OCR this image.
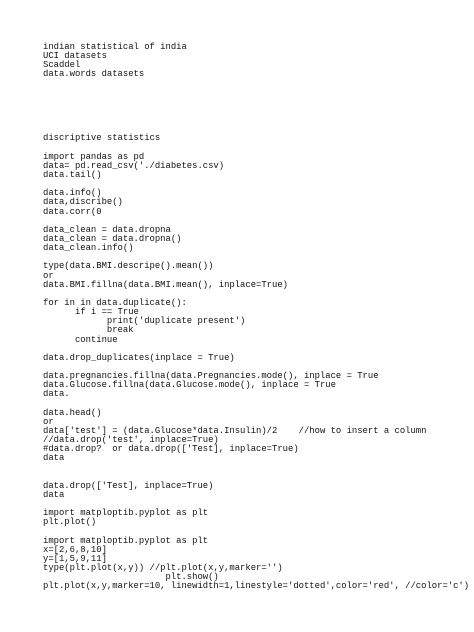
indian statistical of india
UCI datasets
Scaddel
data.words datasets
discriptive statistics
import pandas as pd
data= pd.read_csv('./diabetes.csv)
data.tail()
data.info()
data,discribe()
data.corr(0
data_clean = data.dropna
data_clean = data.dropna()
data_clean.info()
type(data.BMI.descripe().mean())
or
data.BMI.fillna(data.BMI.mean(), inplace=True)
for in in data.duplicate():
if i == True
print('duplicate present')
break
continue
data.drop_duplicates(inplace = True)
data.pregnancies.fillna(data.Pregnancies.mode(), inplace = True
data.Glucose.fillna(data.Glucose.mode(), inplace = True
data.
data.head()
or
data['test'] = (data.Glucose*data.Insulin)/2    //how to insert a column
//data.drop('test', inplace=True)
#data.drop?  or data.drop(['Test], inplace=True)
data
data.drop(['Test], inplace=True)
data
import matploptib.pyplot as plt
plt.plot()
import matploptib.pyplot as plt
x=[2,6,8,10]
y=[1,5,9,11]
type(plt.plot(x,y)) //plt.plot(x,y,marker='')
plt.show()
plt.plot(x,y,marker=10, linewidth=1,linestyle='dotted',color='red', //color='c')
